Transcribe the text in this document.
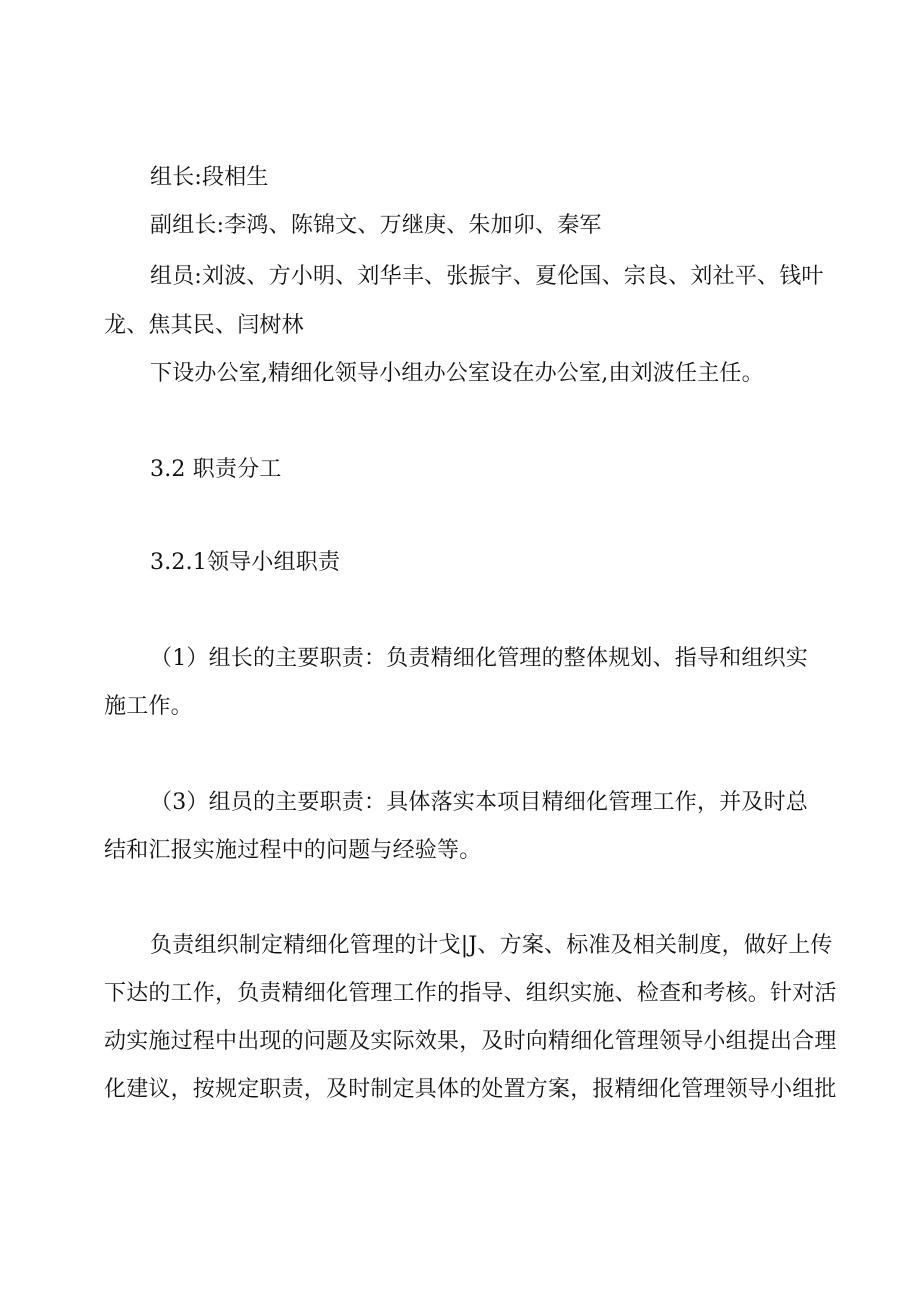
组长:段相生

副组长:李鸿、陈锦文、万继庚、朱加卯、秦军

组员:刘波、方小明、刘华丰、张振宇、夏伦国、宗良、刘社平、钱叶

龙、焦其民、闫树林

下设办公室,精细化领导小组办公室设在办公室,由刘波任主任。

3.2 职责分工

3.2.1领导小组职责

（1）组长的主要职责：负责精细化管理的整体规划、指导和组织实

施工作。

（3）组员的主要职责：具体落实本项目精细化管理工作，并及时总

结和汇报实施过程中的问题与经验等。

负责组织制定精细化管理的计戈|J、方案、标准及相关制度，做好上传

下达的工作，负责精细化管理工作的指导、组织实施、检查和考核。针对活

动实施过程中出现的问题及实际效果，及时向精细化管理领导小组提出合理

化建议，按规定职责，及时制定具体的处置方案，报精细化管理领导小组批
